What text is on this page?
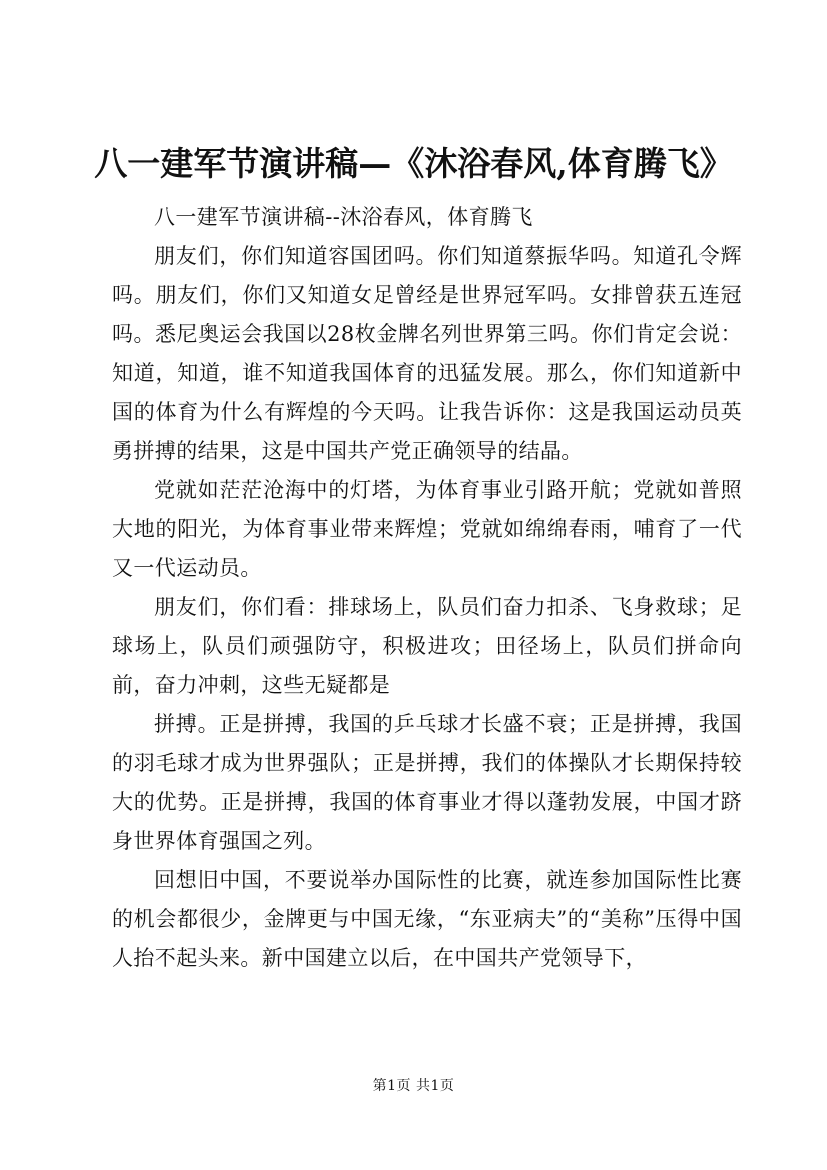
八一建军节演讲稿—《沐浴春风,体育腾飞》

八一建军节演讲稿--沐浴春风，体育腾飞

朋友们，你们知道容国团吗。你们知道蔡振华吗。知道孔令辉吗。朋友们，你们又知道女足曾经是世界冠军吗。女排曾获五连冠吗。悉尼奥运会我国以28枚金牌名列世界第三吗。你们肯定会说：知道，知道，谁不知道我国体育的迅猛发展。那么，你们知道新中国的体育为什么有辉煌的今天吗。让我告诉你：这是我国运动员英勇拼搏的结果，这是中国共产党正确领导的结晶。

党就如茫茫沧海中的灯塔，为体育事业引路开航；党就如普照大地的阳光，为体育事业带来辉煌；党就如绵绵春雨，哺育了一代又一代运动员。

朋友们，你们看：排球场上，队员们奋力扣杀、飞身救球；足球场上，队员们顽强防守，积极进攻；田径场上，队员们拼命向前，奋力冲刺，这些无疑都是

拼搏。正是拼搏，我国的乒乓球才长盛不衰；正是拼搏，我国的羽毛球才成为世界强队；正是拼搏，我们的体操队才长期保持较大的优势。正是拼搏，我国的体育事业才得以蓬勃发展，中国才跻身世界体育强国之列。

回想旧中国，不要说举办国际性的比赛，就连参加国际性比赛的机会都很少，金牌更与中国无缘，“东亚病夫”的“美称”压得中国人抬不起头来。新中国建立以后，在中国共产党领导下，

第1页 共1页
